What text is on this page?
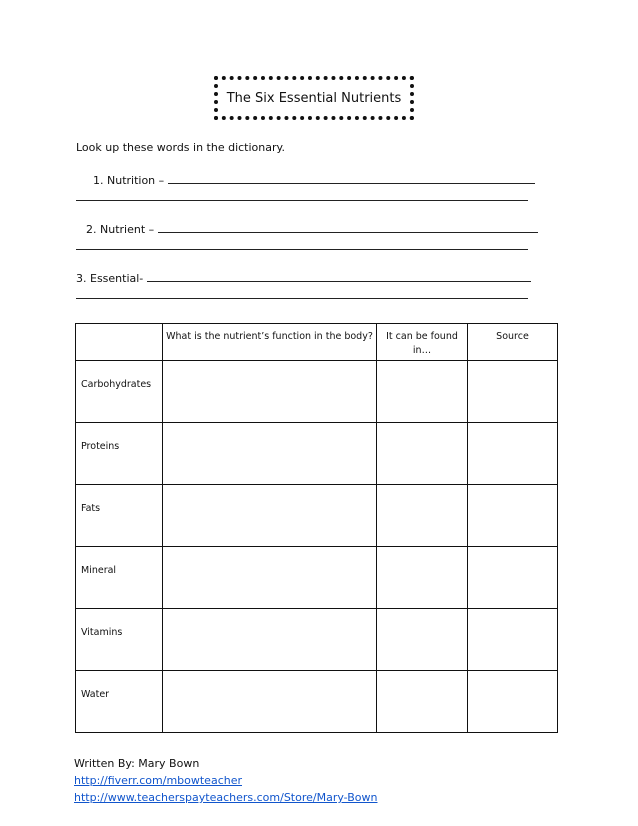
The Six Essential Nutrients
Look up these words in the dictionary.
1. Nutrition –
2. Nutrient –
3. Essential-
	What is the nutrient’s function in the body?	It can be found in…	Source
Carbohydrates			
Proteins			
Fats			
Mineral			
Vitamins			
Water			
Written By: Mary Bown
http://fiverr.com/mbowteacher
http://www.teacherspayteachers.com/Store/Mary-Bown
